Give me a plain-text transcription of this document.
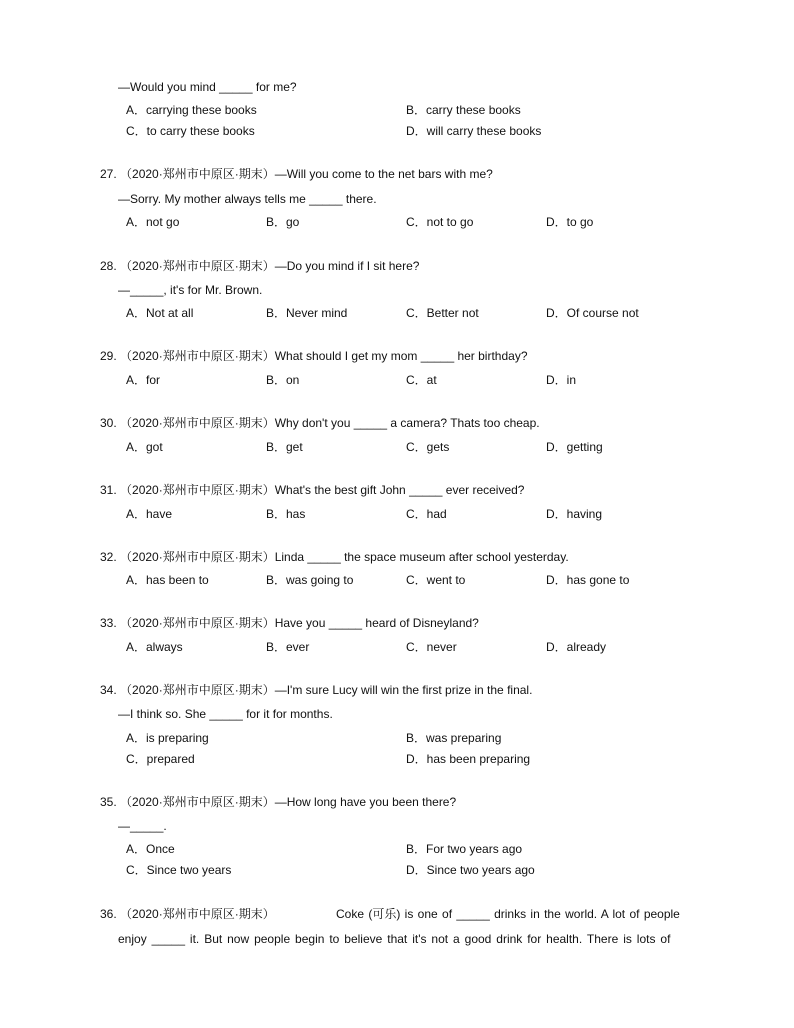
—Would you mind _____ for me?
A．carrying these books	B．carry these books
C．to carry these books	D．will carry these books
27. （2020·郑州市中原区·期末）—Will you come to the net bars with me?
—Sorry. My mother always tells me _____ there.
A．not go	B．go	C．not to go	D．to go
28. （2020·郑州市中原区·期末）—Do you mind if I sit here?
—_____, it's for Mr. Brown.
A．Not at all	B．Never mind	C．Better not	D．Of course not
29. （2020·郑州市中原区·期末）What should I get my mom _____ her birthday?
A．for	B．on	C．at	D．in
30. （2020·郑州市中原区·期末）Why don't you _____ a camera? Thats too cheap.
A．got	B．get	C．gets	D．getting
31. （2020·郑州市中原区·期末）What's the best gift John _____ ever received?
A．have	B．has	C．had	D．having
32. （2020·郑州市中原区·期末）Linda _____ the space museum after school yesterday.
A．has been to	B．was going to	C．went to	D．has gone to
33. （2020·郑州市中原区·期末）Have you _____ heard of Disneyland?
A．always	B．ever	C．never	D．already
34. （2020·郑州市中原区·期末）—I'm sure Lucy will win the first prize in the final.
—I think so. She _____ for it for months.
A．is preparing	B．was preparing
C．prepared	D．has been preparing
35. （2020·郑州市中原区·期末）—How long have you been there?
—_____.
A．Once	B．For two years ago
C．Since two years	D．Since two years ago
36. （2020·郑州市中原区·期末）	Coke (可乐) is one of _____ drinks in the world. A lot of people
enjoy _____ it. But now people begin to believe that it's not a good drink for health. There is lots of
